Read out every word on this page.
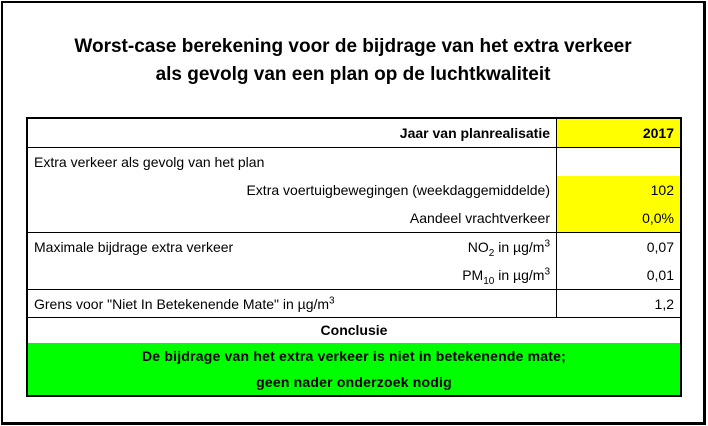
Worst-case berekening voor de bijdrage van het extra verkeer
als gevolg van een plan op de luchtkwaliteit
Jaar van planrealisatie	2017
Extra verkeer als gevolg van het plan
Extra voertuigbewegingen (weekdaggemiddelde)	102
Aandeel vrachtverkeer	0,0%
Maximale bijdrage extra verkeer	$NO_2$ in $\mu g/m^3$	0,07
$PM_{10}$ in $\mu g/m^3$	0,01
Grens voor "Niet In Betekenende Mate" in $\mu g/m^3$	1,2
Conclusie
De bijdrage van het extra verkeer is niet in betekenende mate;
geen nader onderzoek nodig
